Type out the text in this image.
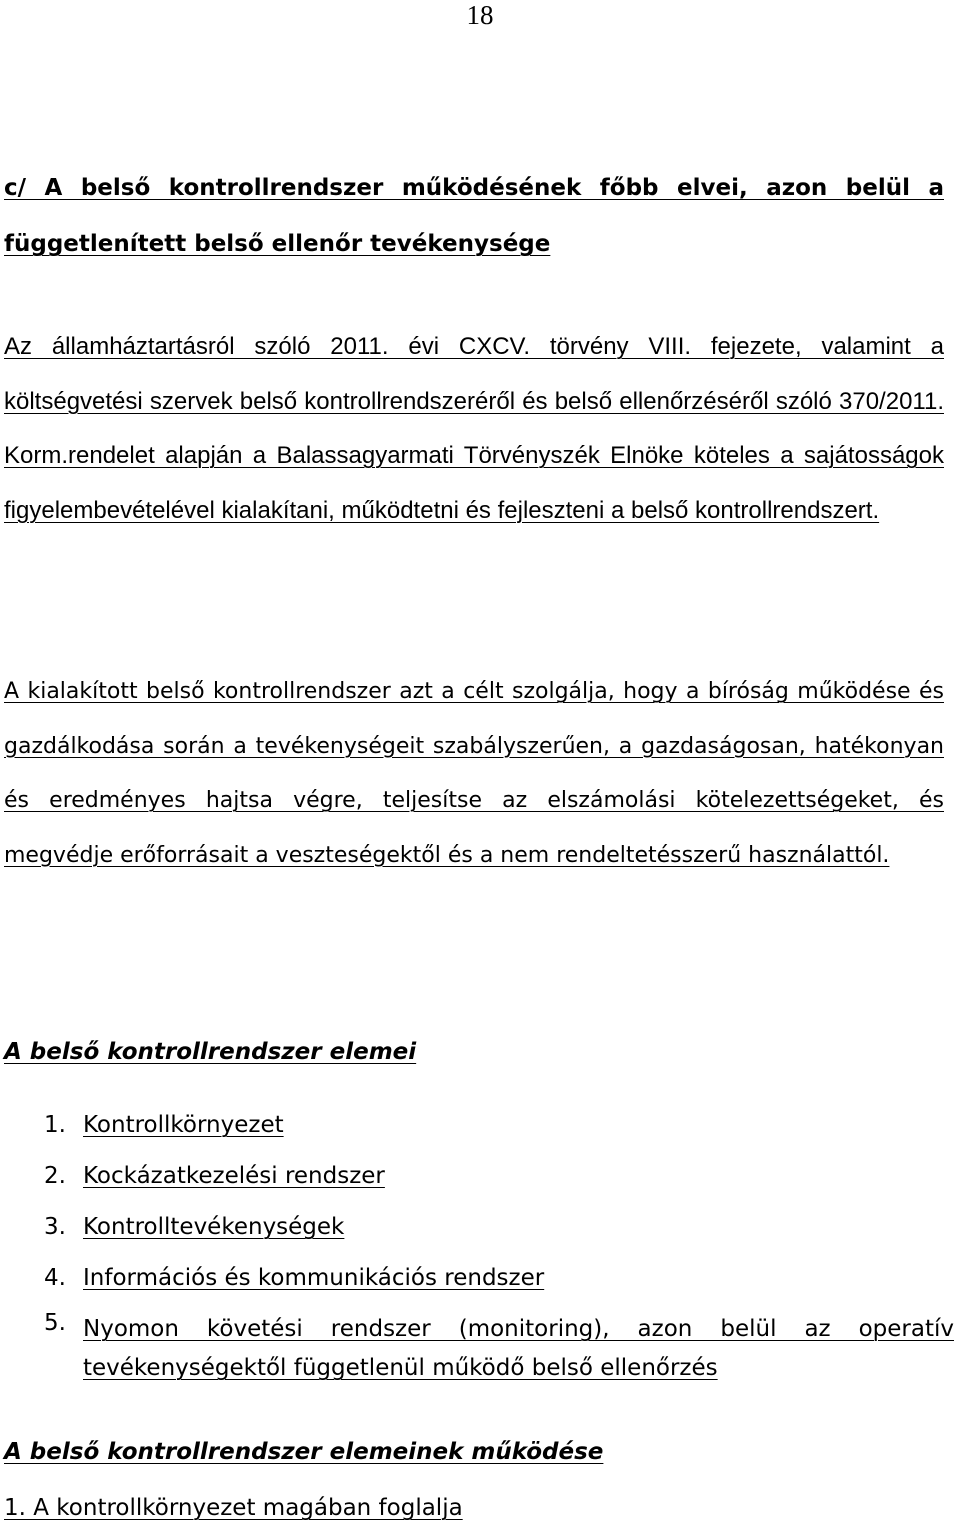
18
c/ A belső kontrollrendszer működésének főbb elvei, azon belül a függetlenített belső ellenőr tevékenysége
Az államháztartásról szóló 2011. évi CXCV. törvény VIII. fejezete, valamint a költségvetési szervek belső kontrollrendszeréről és belső ellenőrzéséről szóló 370/2011. Korm.rendelet alapján a Balassagyarmati Törvényszék Elnöke köteles a sajátosságok figyelembevételével kialakítani, működtetni és fejleszteni a belső kontrollrendszert.
A kialakított belső kontrollrendszer azt a célt szolgálja, hogy a bíróság működése és gazdálkodása során a tevékenységeit szabályszerűen, a gazdaságosan, hatékonyan és eredményes hajtsa végre, teljesítse az elszámolási kötelezettségeket, és megvédje erőforrásait a veszteségektől és a nem rendeltetésszerű használattól.
A belső kontrollrendszer elemei
1. Kontrollkörnyezet
2. Kockázatkezelési rendszer
3. Kontrolltevékenységek
4. Információs és kommunikációs rendszer
5. Nyomon követési rendszer (monitoring), azon belül az operatív tevékenységektől függetlenül működő belső ellenőrzés
A belső kontrollrendszer elemeinek működése
1. A kontrollkörnyezet magában foglalja
